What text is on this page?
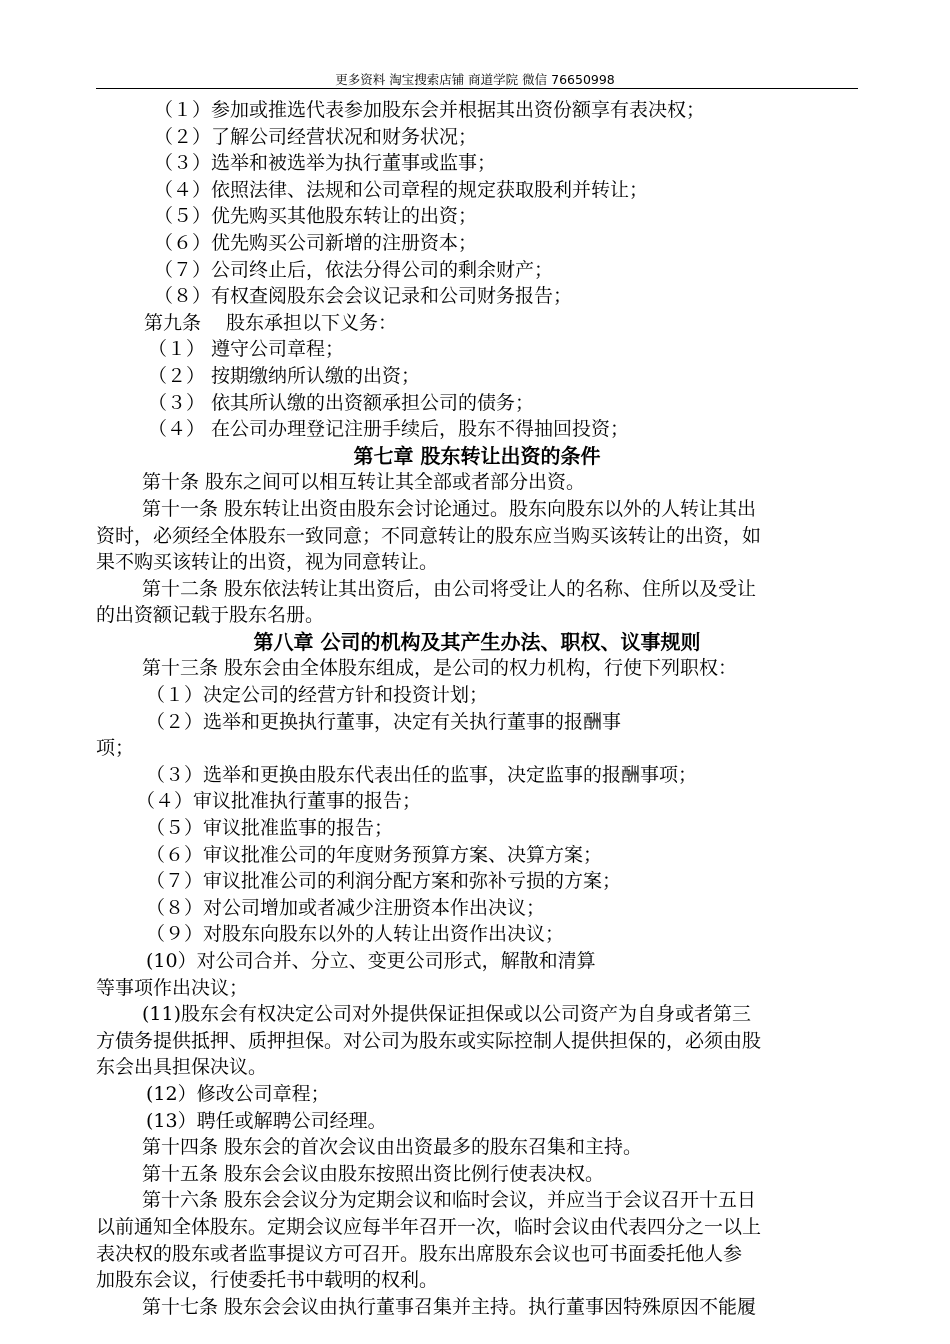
更多资料 淘宝搜索店铺 商道学院 微信 76650998
（１）参加或推选代表参加股东会并根据其出资份额享有表决权；
（２）了解公司经营状况和财务状况；
（３）选举和被选举为执行董事或监事；
（４）依照法律、法规和公司章程的规定获取股利并转让；
（５）优先购买其他股东转让的出资；
（６）优先购买公司新增的注册资本；
（７）公司终止后，依法分得公司的剩余财产；
（８）有权查阅股东会会议记录和公司财务报告；
第九条　 股东承担以下义务：
（１） 遵守公司章程；
（２） 按期缴纳所认缴的出资；
（３） 依其所认缴的出资额承担公司的债务；
（４） 在公司办理登记注册手续后，股东不得抽回投资；
第七章 股东转让出资的条件
第十条 股东之间可以相互转让其全部或者部分出资。
第十一条 股东转让出资由股东会讨论通过。股东向股东以外的人转让其出
资时，必须经全体股东一致同意；不同意转让的股东应当购买该转让的出资，如
果不购买该转让的出资，视为同意转让。
第十二条 股东依法转让其出资后，由公司将受让人的名称、住所以及受让
的出资额记载于股东名册。
第八章 公司的机构及其产生办法、职权、议事规则
第十三条 股东会由全体股东组成，是公司的权力机构，行使下列职权：
（１）决定公司的经营方针和投资计划；
（２）选举和更换执行董事，决定有关执行董事的报酬事
项；
（３）选举和更换由股东代表出任的监事，决定监事的报酬事项；
（４）审议批准执行董事的报告；
（５）审议批准监事的报告；
（６）审议批准公司的年度财务预算方案、决算方案；
（７）审议批准公司的利润分配方案和弥补亏损的方案；
（８）对公司增加或者减少注册资本作出决议；
（９）对股东向股东以外的人转让出资作出决议；
(10）对公司合并、分立、变更公司形式，解散和清算
等事项作出决议；
(11)股东会有权决定公司对外提供保证担保或以公司资产为自身或者第三
方债务提供抵押、质押担保。对公司为股东或实际控制人提供担保的，必须由股
东会出具担保决议。
(12）修改公司章程；
(13）聘任或解聘公司经理。
第十四条 股东会的首次会议由出资最多的股东召集和主持。
第十五条 股东会会议由股东按照出资比例行使表决权。
第十六条 股东会会议分为定期会议和临时会议，并应当于会议召开十五日
以前通知全体股东。定期会议应每半年召开一次，临时会议由代表四分之一以上
表决权的股东或者监事提议方可召开。股东出席股东会议也可书面委托他人参
加股东会议，行使委托书中载明的权利。
第十七条 股东会会议由执行董事召集并主持。执行董事因特殊原因不能履
